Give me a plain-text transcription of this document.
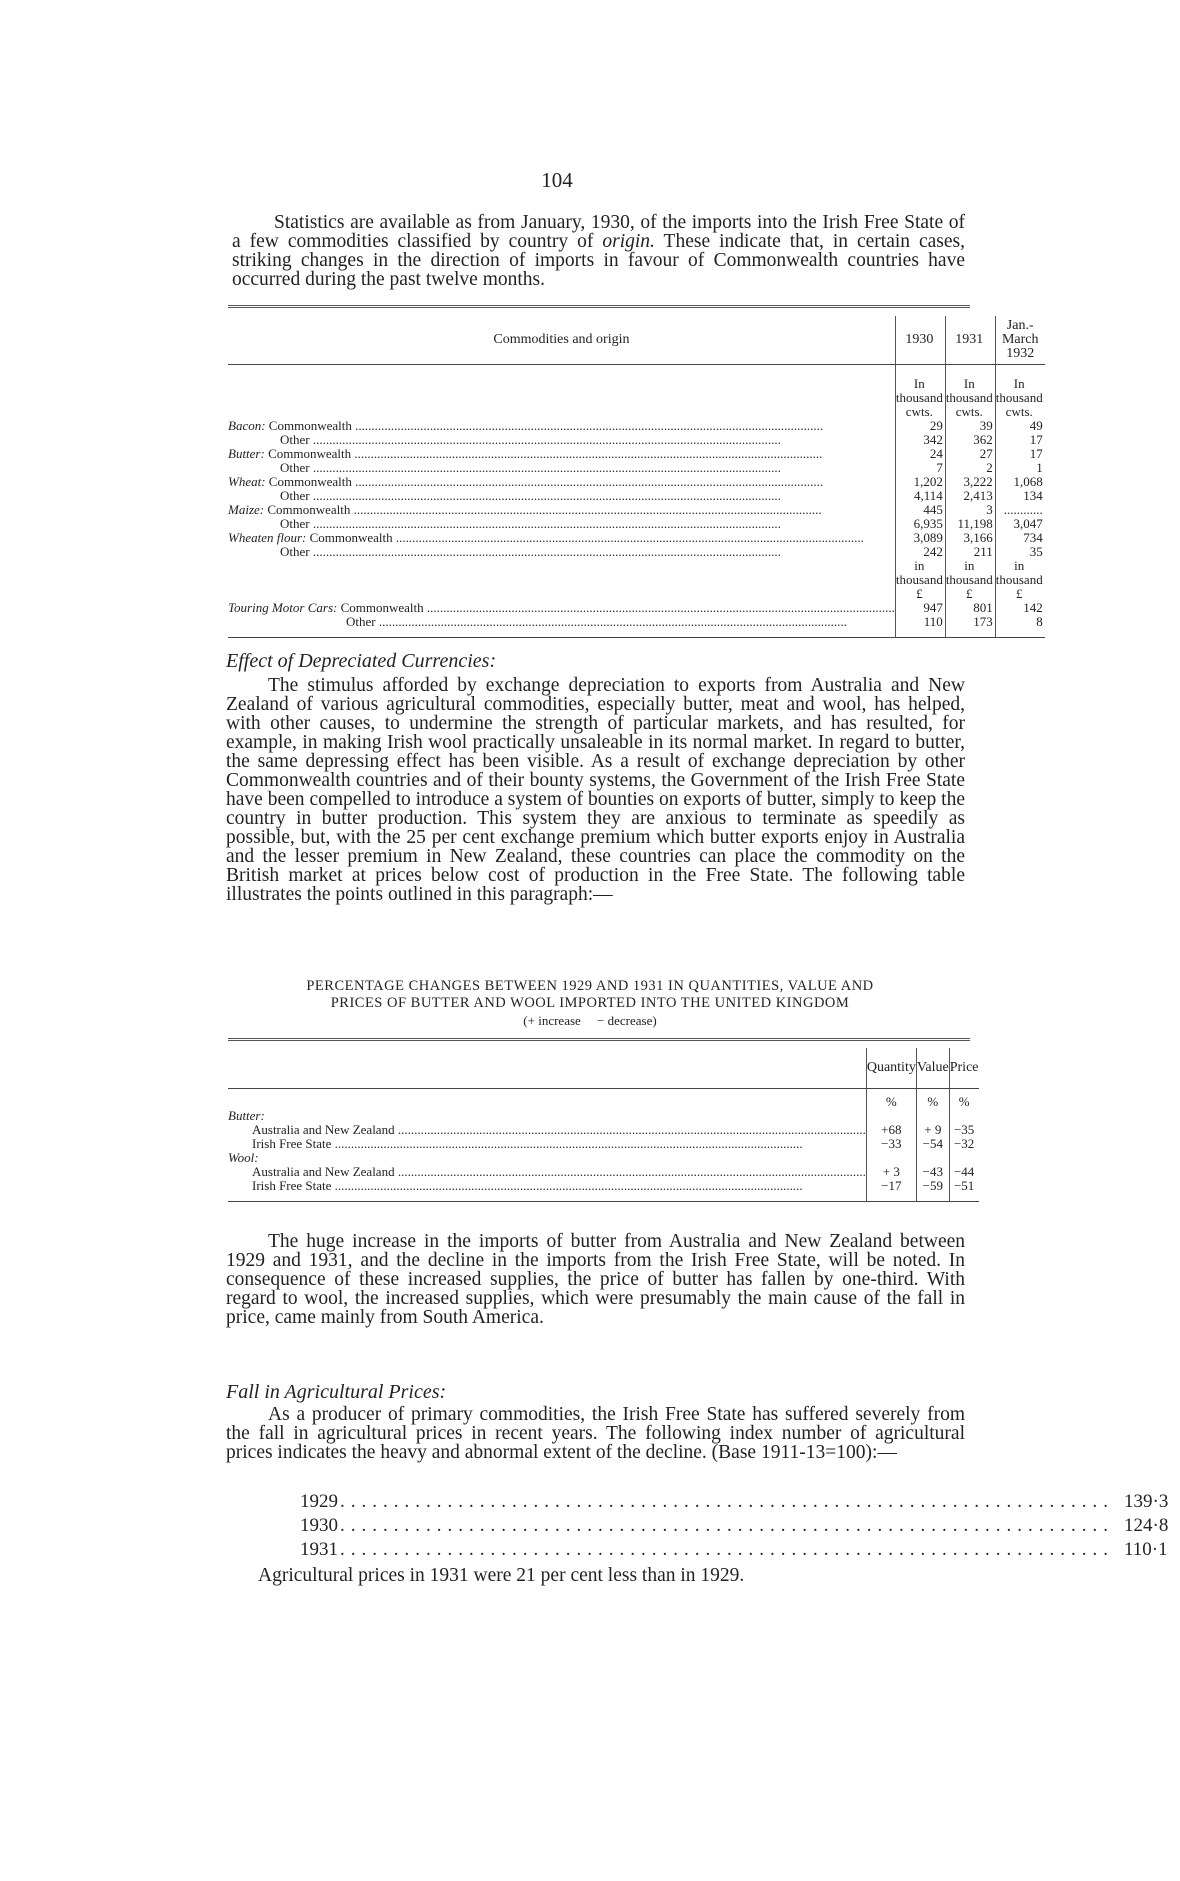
104

Statistics are available as from January, 1930, of the imports into the Irish Free State of a few commodities classified by country of origin. These indicate that, in certain cases, striking changes in the direction of imports in favour of Commonwealth countries have occurred during the past twelve months.

Commodities and origin	1930	1931	Jan.-March 1932
	In thousand cwts.	In thousand cwts.	In thousand cwts.

Bacon: Commonwealth .....	29	39	49

Other .....	342	362	17

Butter: Commonwealth .....	24	27	17

Other .....	7	2	1

Wheat: Commonwealth .....	1,202	3,222	1,068

Other .....	4,114	2,413	134

Maize: Commonwealth .....	445	3	............

Other .....	6,935	11,198	3,047

Wheaten flour: Commonwealth .....	3,089	3,166	734

Other .....	242	211	35
	in thousand £	in thousand £	in thousand £

Touring Motor Cars: Commonwealth .....	947	801	142

Other .....	110	173	8

Effect of Depreciated Currencies:

The stimulus afforded by exchange depreciation to exports from Australia and New Zealand of various agricultural commodities, especially butter, meat and wool, has helped, with other causes, to undermine the strength of particular markets, and has resulted, for example, in making Irish wool practically unsaleable in its normal market. In regard to butter, the same depressing effect has been visible. As a result of exchange depreciation by other Commonwealth countries and of their bounty systems, the Government of the Irish Free State have been compelled to introduce a system of bounties on exports of butter, simply to keep the country in butter production. This system they are anxious to terminate as speedily as possible, but, with the 25 per cent exchange premium which butter exports enjoy in Australia and the lesser premium in New Zealand, these countries can place the commodity on the British market at prices below cost of production in the Free State. The following table illustrates the points outlined in this paragraph:—

PERCENTAGE CHANGES BETWEEN 1929 AND 1931 IN QUANTITIES, VALUE AND
PRICES OF BUTTER AND WOOL IMPORTED INTO THE UNITED KINGDOM
(+ increase     − decrease)
	Quantity	Value	Price
	%	%	%
Butter:			

Australia and New Zealand .....	+68	+ 9	−35

Irish Free State .....	−33	−54	−32
Wool:			

Australia and New Zealand .....	+ 3	−43	−44

Irish Free State .....	−17	−59	−51

The huge increase in the imports of butter from Australia and New Zealand between 1929 and 1931, and the decline in the imports from the Irish Free State, will be noted. In consequence of these increased supplies, the price of butter has fallen by one-third. With regard to wool, the increased supplies, which were presumably the main cause of the fall in price, came mainly from South America.

Fall in Agricultural Prices:

As a producer of primary commodities, the Irish Free State has suffered severely from the fall in agricultural prices in recent years. The following index number of agricultural prices indicates the heavy and abnormal extent of the decline. (Base 1911-13=100):—

1929 ........................................................................ 139·3
1930 ........................................................................ 124·8
1931 ........................................................................ 110·1

Agricultural prices in 1931 were 21 per cent less than in 1929.
